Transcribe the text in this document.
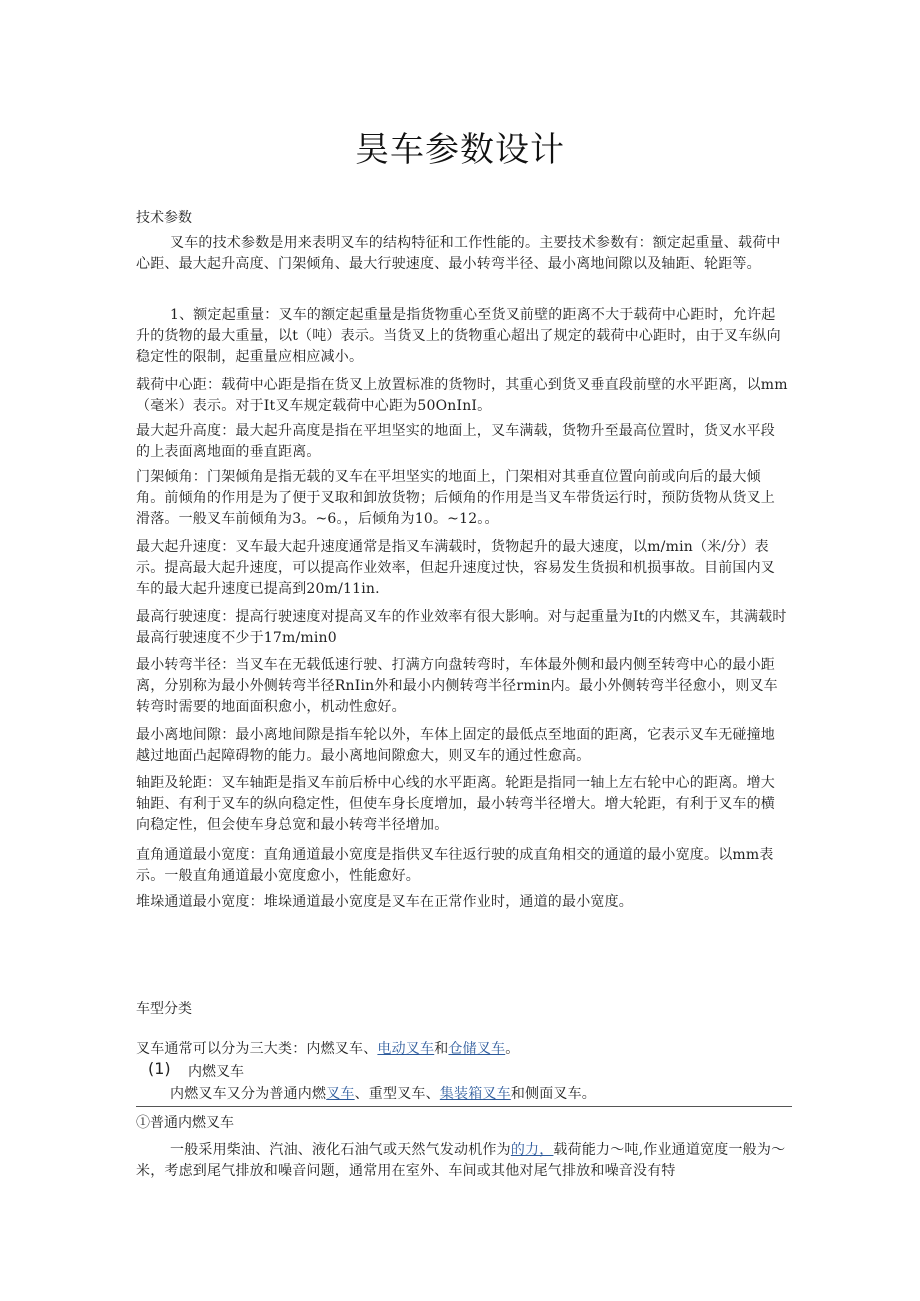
昊车参数设计

技术参数

叉车的技术参数是用来表明叉车的结构特征和工作性能的。主要技术参数有：额定起重量、载荷中心距、最大起升高度、门架倾角、最大行驶速度、最小转弯半径、最小离地间隙以及轴距、轮距等。

1、额定起重量：叉车的额定起重量是指货物重心至货叉前壁的距离不大于载荷中心距时，允许起升的货物的最大重量，以t（吨）表示。当货叉上的货物重心超出了规定的载荷中心距时，由于叉车纵向稳定性的限制，起重量应相应减小。

载荷中心距：载荷中心距是指在货叉上放置标准的货物时，其重心到货叉垂直段前壁的水平距离，以mm（毫米）表示。对于It叉车规定载荷中心距为50OnInI。

最大起升高度：最大起升高度是指在平坦坚实的地面上，叉车满载，货物升至最高位置时，货叉水平段的上表面离地面的垂直距离。

门架倾角：门架倾角是指无载的叉车在平坦坚实的地面上，门架相对其垂直位置向前或向后的最大倾角。前倾角的作用是为了便于叉取和卸放货物；后倾角的作用是当叉车带货运行时，预防货物从货叉上滑落。一般叉车前倾角为3。~6。，后倾角为10。~12。。

最大起升速度：叉车最大起升速度通常是指叉车满载时，货物起升的最大速度，以m/min（米/分）表示。提高最大起升速度，可以提高作业效率，但起升速度过快，容易发生货损和机损事故。目前国内叉车的最大起升速度已提高到20m/11in.

最高行驶速度：提高行驶速度对提高叉车的作业效率有很大影响。对与起重量为It的内燃叉车，其满载时最高行驶速度不少于17m/min0

最小转弯半径：当叉车在无载低速行驶、打满方向盘转弯时，车体最外侧和最内侧至转弯中心的最小距离，分别称为最小外侧转弯半径RnIin外和最小内侧转弯半径rmin内。最小外侧转弯半径愈小，则叉车转弯时需要的地面面积愈小，机动性愈好。

最小离地间隙：最小离地间隙是指车轮以外，车体上固定的最低点至地面的距离，它表示叉车无碰撞地越过地面凸起障碍物的能力。最小离地间隙愈大，则叉车的通过性愈高。

轴距及轮距：叉车轴距是指叉车前后桥中心线的水平距离。轮距是指同一轴上左右轮中心的距离。增大轴距、有利于叉车的纵向稳定性，但使车身长度增加，最小转弯半径增大。增大轮距，有利于叉车的横向稳定性，但会使车身总宽和最小转弯半径增加。

直角通道最小宽度：直角通道最小宽度是指供叉车往返行驶的成直角相交的通道的最小宽度。以mm表示。一般直角通道最小宽度愈小，性能愈好。

堆垛通道最小宽度：堆垛通道最小宽度是叉车在正常作业时，通道的最小宽度。

车型分类

叉车通常可以分为三大类：内燃叉车、电动叉车和仓储叉车。

(1) 内燃叉车

内燃叉车又分为普通内燃叉车、重型叉车、集装箱叉车和侧面叉车。

①普通内燃叉车

一般采用柴油、汽油、液化石油气或天然气发动机作为的力，载荷能力～吨,作业通道宽度一般为～米，考虑到尾气排放和噪音问题，通常用在室外、车间或其他对尾气排放和噪音没有特
